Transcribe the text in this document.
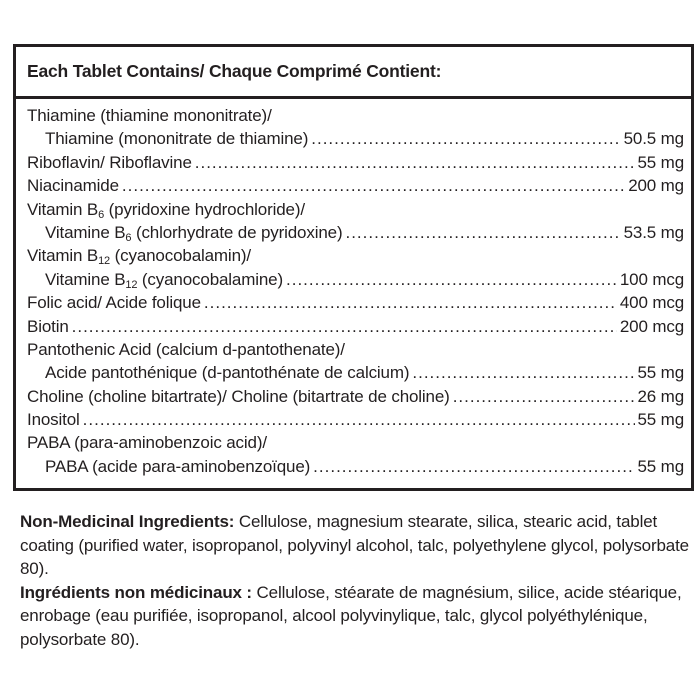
Each Tablet Contains/ Chaque Comprimé Contient:
Thiamine (thiamine mononitrate)/
Thiamine (mononitrate de thiamine) .....	50.5 mg
Riboflavin/ Riboflavine .....	55 mg
Niacinamide .....	200 mg
Vitamin $B_6$ (pyridoxine hydrochloride)/
Vitamine $B_6$ (chlorhydrate de pyridoxine) .....	53.5 mg
Vitamin $B_{12}$ (cyanocobalamin)/
Vitamine $B_{12}$ (cyanocobalamine) .....	100 mcg
Folic acid/ Acide folique .....	400 mcg
Biotin .....	200 mcg
Pantothenic Acid (calcium d-pantothenate)/
Acide pantothénique (d-pantothénate de calcium) .....	55 mg
Choline (choline bitartrate)/ Choline (bitartrate de choline) .....	26 mg
Inositol .....	55 mg
PABA (para-aminobenzoic acid)/
PABA (acide para-aminobenzoïque) .....	55 mg

Non-Medicinal Ingredients: Cellulose, magnesium stearate, silica, stearic acid, tablet coating (purified water, isopropanol, polyvinyl alcohol, talc, polyethylene glycol, polysorbate 80).

Ingrédients non médicinaux : Cellulose, stéarate de magnésium, silice, acide stéarique, enrobage (eau purifiée, isopropanol, alcool polyvinylique, talc, glycol polyéthylénique, polysorbate 80).
